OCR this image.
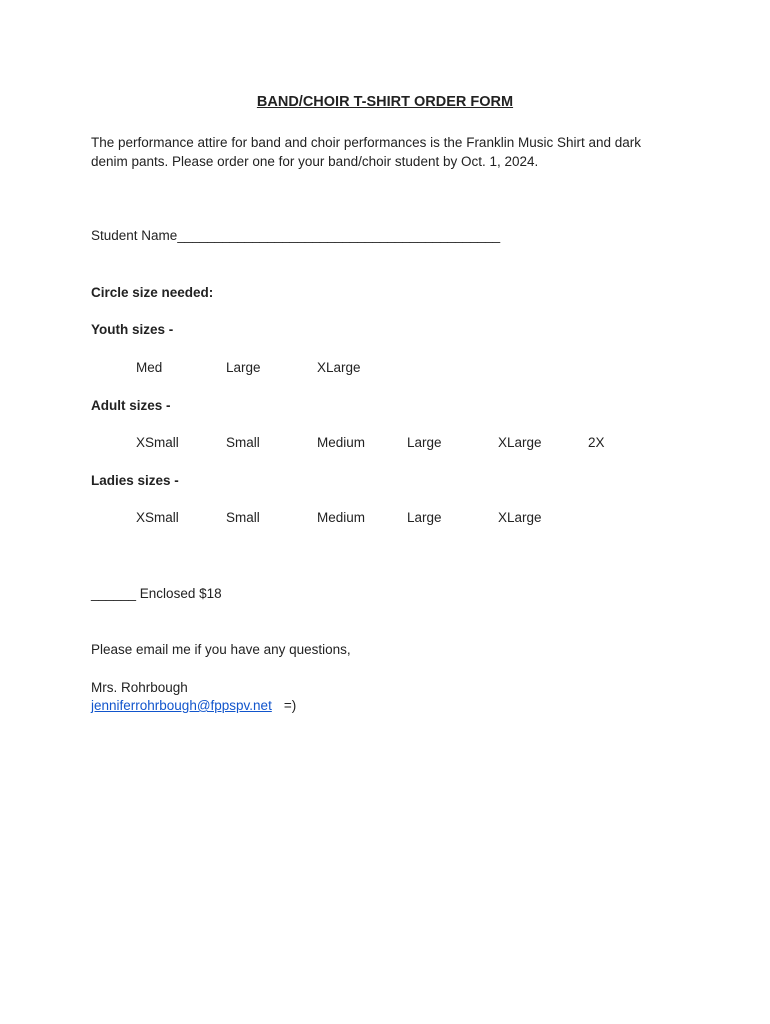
BAND/CHOIR T-SHIRT ORDER FORM
The performance attire for band and choir performances is the Franklin Music Shirt and dark
denim pants. Please order one for your band/choir student by Oct. 1, 2024.
Student Name___________________________________________
Circle size needed:
Youth sizes -
Med	Large	XLarge
Adult sizes -
XSmall	Small	Medium	Large	XLarge	2X
Ladies sizes -
XSmall	Small	Medium	Large	XLarge
______ Enclosed $18
Please email me if you have any questions,
Mrs. Rohrbough
jenniferrohrbough@fppspv.net =)
